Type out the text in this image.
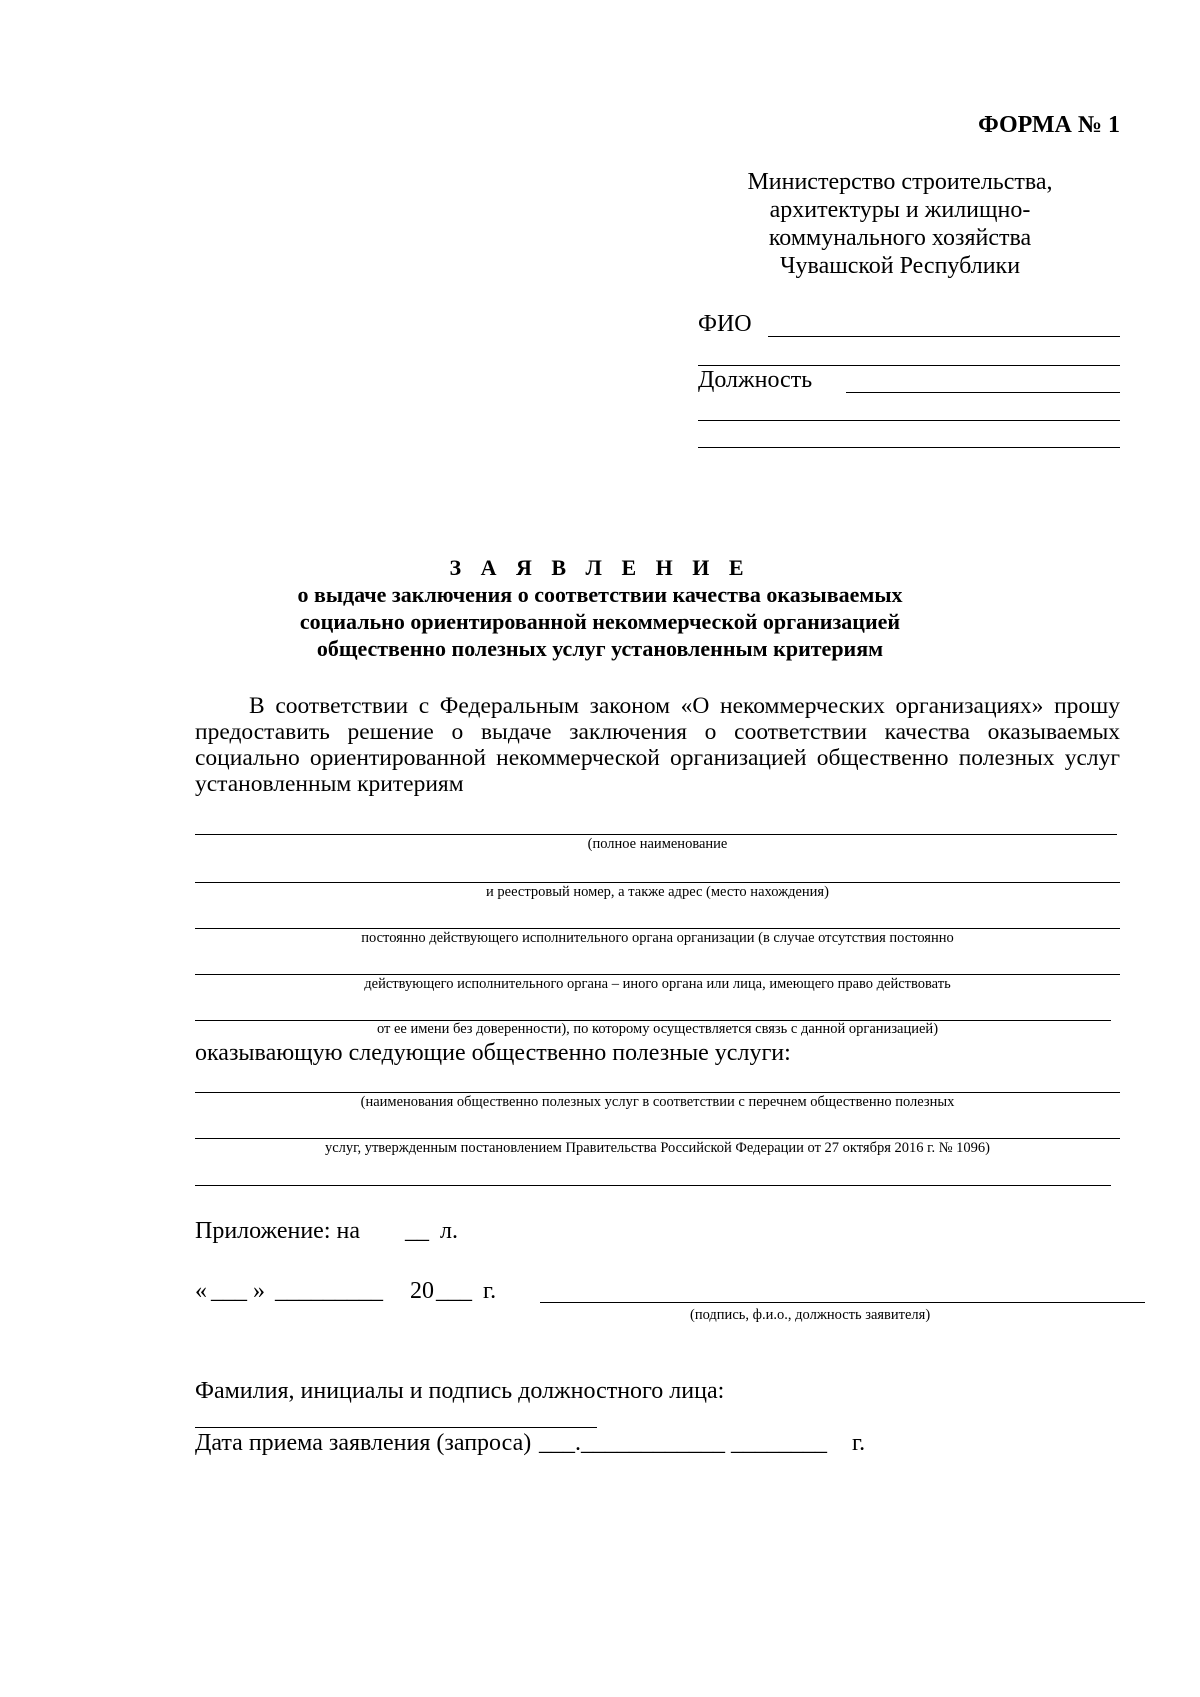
ФОРМА № 1
Министерство строительства,
архитектуры и жилищно-
коммунального хозяйства
Чувашской Республики
ФИО
Должность
З А Я В Л Е Н И Е
о выдаче заключения о соответствии качества оказываемых
социально ориентированной некоммерческой организацией
общественно полезных услуг установленным критериям
В соответствии с Федеральным законом «О некоммерческих организациях» прошу предоставить решение о выдаче заключения о соответствии качества оказываемых социально ориентированной некоммерческой организацией общественно полезных услуг установленным критериям
(полное наименование
и реестровый номер, а также адрес (место нахождения)
постоянно действующего исполнительного органа организации (в случае отсутствия постоянно
действующего исполнительного органа – иного органа или лица, имеющего право действовать
от ее имени без доверенности), по которому осуществляется связь с данной организацией)
оказывающую следующие общественно полезные услуги:
(наименования общественно полезных услуг в соответствии с перечнем общественно полезных
услуг, утвержденным постановлением Правительства Российской Федерации от 27 октября 2016 г. № 1096)
Приложение: на __ л.
« ___ » _________ 20 ___ г.
(подпись, ф.и.о., должность заявителя)
Фамилия, инициалы и подпись должностного лица:
Дата приема заявления (запроса) ___.____________ ________ г.
